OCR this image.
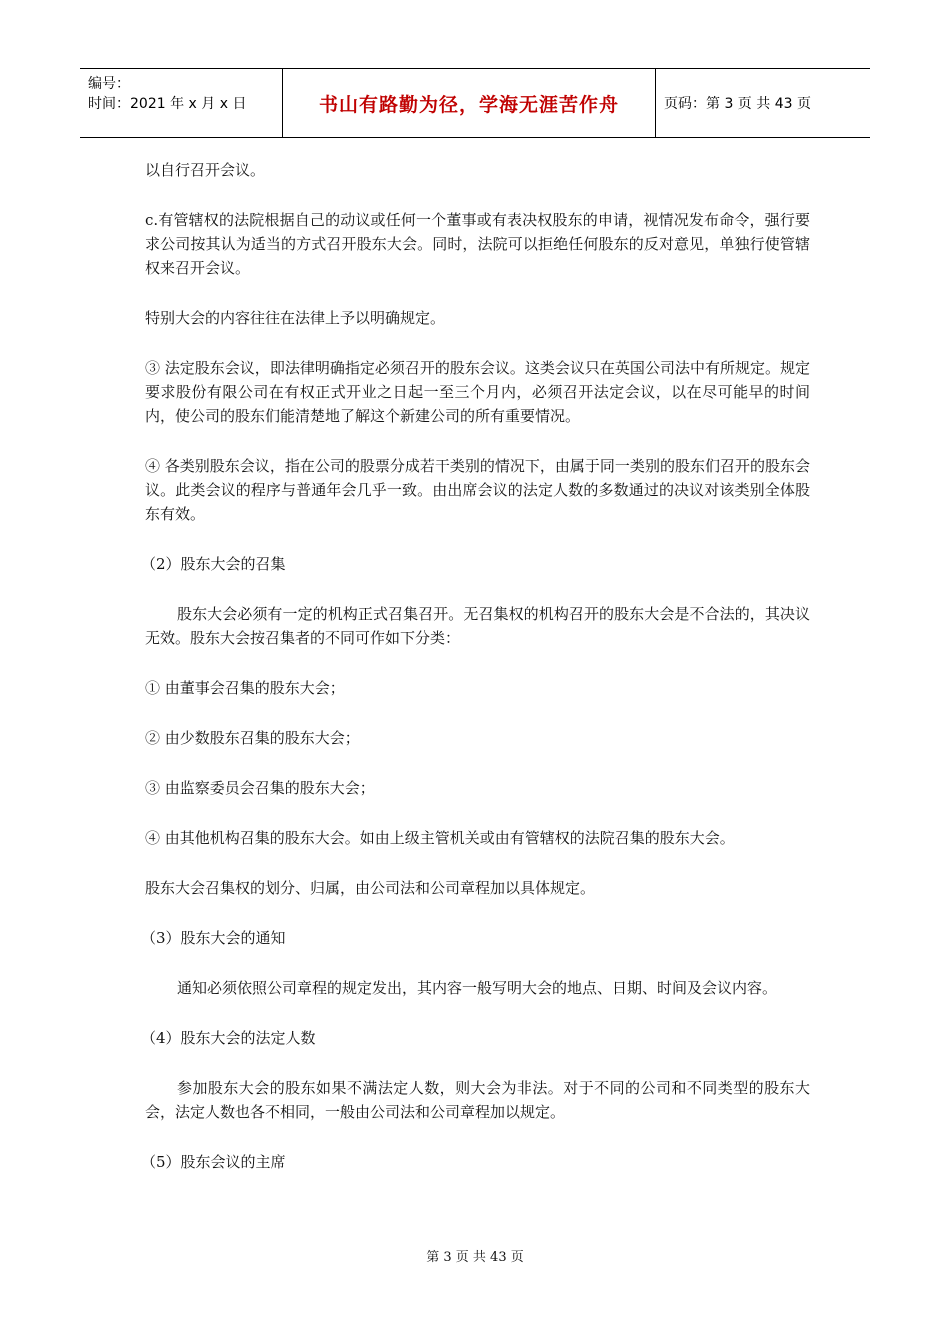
编号：
时间：2021 年 x 月 x 日	书山有路勤为径，学海无涯苦作舟	页码：第 3 页 共 43 页

以自行召开会议。

c.有管辖权的法院根据自己的动议或任何一个董事或有表决权股东的申请，视情况发布命令，强行要求公司按其认为适当的方式召开股东大会。同时，法院可以拒绝任何股东的反对意见，单独行使管辖权来召开会议。

特别大会的内容往往在法律上予以明确规定。

③ 法定股东会议，即法律明确指定必须召开的股东会议。这类会议只在英国公司法中有所规定。规定要求股份有限公司在有权正式开业之日起一至三个月内，必须召开法定会议，以在尽可能早的时间内，使公司的股东们能清楚地了解这个新建公司的所有重要情况。

④ 各类别股东会议，指在公司的股票分成若干类别的情况下，由属于同一类别的股东们召开的股东会议。此类会议的程序与普通年会几乎一致。由出席会议的法定人数的多数通过的决议对该类别全体股东有效。

（2）股东大会的召集

股东大会必须有一定的机构正式召集召开。无召集权的机构召开的股东大会是不合法的，其决议无效。股东大会按召集者的不同可作如下分类：

① 由董事会召集的股东大会；

② 由少数股东召集的股东大会；

③ 由监察委员会召集的股东大会；

④ 由其他机构召集的股东大会。如由上级主管机关或由有管辖权的法院召集的股东大会。

股东大会召集权的划分、归属，由公司法和公司章程加以具体规定。

（3）股东大会的通知

通知必须依照公司章程的规定发出，其内容一般写明大会的地点、日期、时间及会议内容。

（4）股东大会的法定人数

参加股东大会的股东如果不满法定人数，则大会为非法。对于不同的公司和不同类型的股东大会，法定人数也各不相同，一般由公司法和公司章程加以规定。

（5）股东会议的主席

第 3 页 共 43 页
